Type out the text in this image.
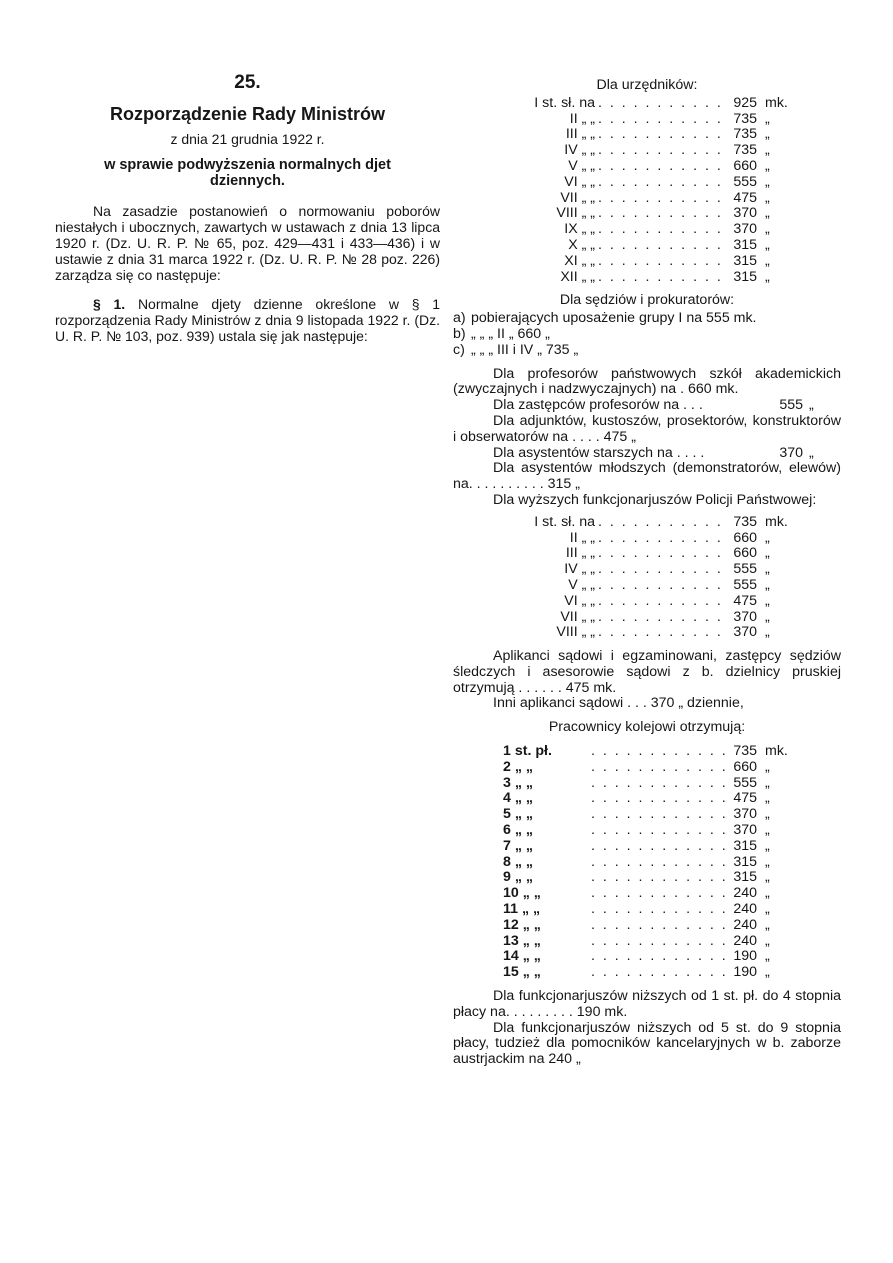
25.
Rozporządzenie Rady Ministrów
z dnia 21 grudnia 1922 r.
w sprawie podwyższenia normalnych djet dziennych.

Na zasadzie postanowień o normowaniu poborów niestałych i ubocznych, zawartych w ustawach z dnia 13 lipca 1920 r. (Dz. U. R. P. № 65, poz. 429—431 i 433—436) i w ustawie z dnia 31 marca 1922 r. (Dz. U. R. P. № 28 poz. 226) zarządza się co następuje:

§ 1. Normalne djety dzienne określone w § 1 rozporządzenia Rady Ministrów z dnia 9 listopada 1922 r. (Dz. U. R. P. № 103, poz. 939) ustala się jak następuje:

Dla urzędników:
I st. sł. na . . .	925 mk.
II „ „ . . .	735 „
III „ „ . . .	735 „
IV „ „ . . .	735 „
V „ „ . . .	660 „
VI „ „ . . .	555 „
VII „ „ . . .	475 „
VIII „ „ . . .	370 „
IX „ „ . . .	370 „
X „ „ . . .	315 „
XI „ „ . . .	315 „
XII „ „ . . .	315 „
Dla sędziów i prokuratorów:
a) pobierających uposażenie grupy I na 555 mk.
b) „ „ „ II „ 660 „
c) „ „ „ III i IV „ 735 „

Dla profesorów państwowych szkół akademickich (zwyczajnych i nadzwyczajnych) na . 660 mk.

Dla zastępców profesorów na . . .	555 „

Dla adjunktów, kustoszów, prosektorów, konstruktorów i obserwatorów na . . . . 475 „

Dla asystentów starszych na . . . .	370 „

Dla asystentów młodszych (demonstratorów, elewów) na. . . . . . . . . . 315 „

Dla wyższych funkcjonarjuszów Policji Państwowej:

I st. sł. na . . .	735 mk.
II „ „ . . .	660 „
III „ „ . . .	660 „
IV „ „ . . .	555 „
V „ „ . . .	555 „
VI „ „ . . .	475 „
VII „ „ . . .	370 „
VIII „ „ . . .	370 „

Aplikanci sądowi i egzaminowani, zastępcy sędziów śledczych i asesorowie sądowi z b. dzielnicy pruskiej otrzymują . . . . . . 475 mk.

Inni aplikanci sądowi . . . 370 „ dziennie,

Pracownicy kolejowi otrzymują:
1 st. pł. . . .	735 mk.
2 „ „ . . .	660 „
3 „ „ . . .	555 „
4 „ „ . . .	475 „
5 „ „ . . .	370 „
6 „ „ . . .	370 „
7 „ „ . . .	315 „
8 „ „ . . .	315 „
9 „ „ . . .	315 „
10 „ „ . . .	240 „
11 „ „ . . .	240 „
12 „ „ . . .	240 „
13 „ „ . . .	240 „
14 „ „ . . .	190 „
15 „ „ . . .	190 „

Dla funkcjonarjuszów niższych od 1 st. pł. do 4 stopnia płacy na. . . . . . . . . 190 mk.

Dla funkcjonarjuszów niższych od 5 st. do 9 stopnia płacy, tudzież dla pomocników kancelaryjnych w b. zaborze austrjackim na 240 „
